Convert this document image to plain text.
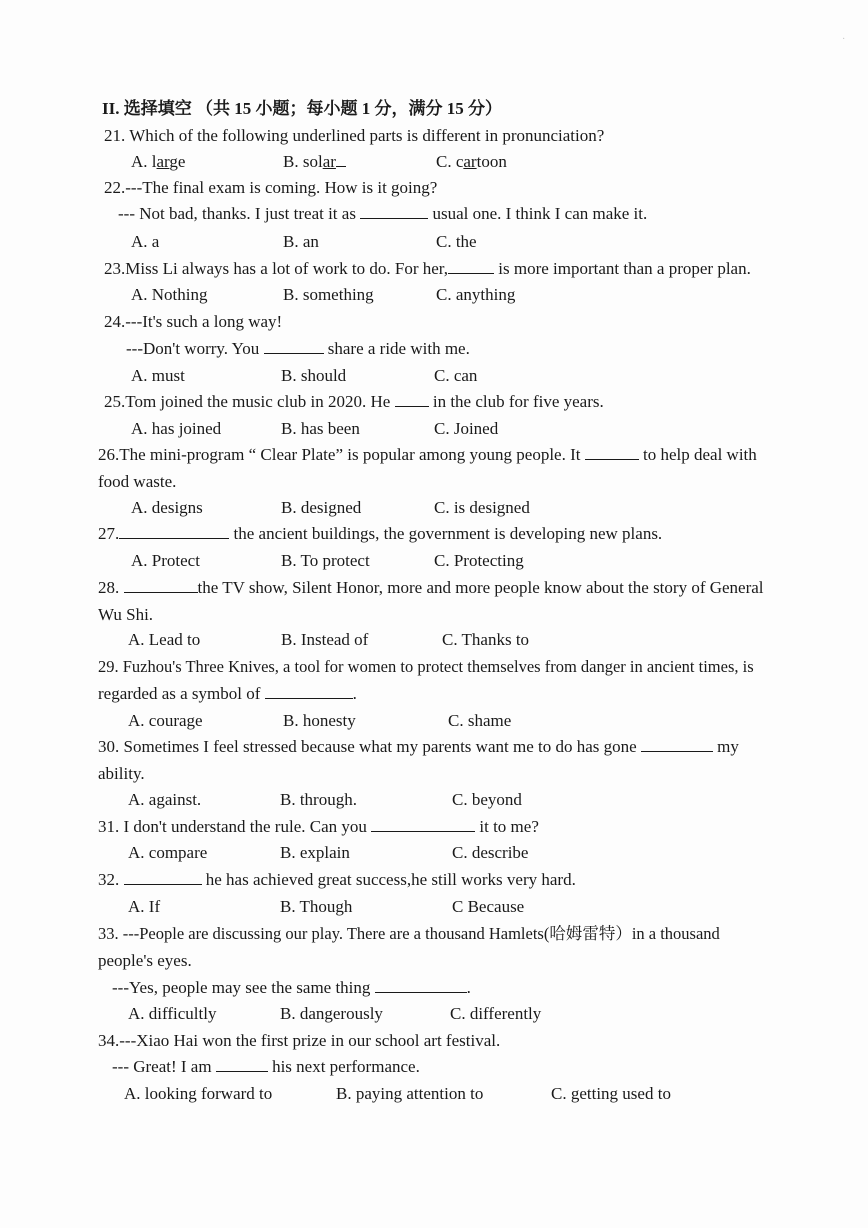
II. 选择填空 （共 15 小题；每小题 1 分，满分 15 分）
21. Which of the following underlined parts is different in pronunciation?
A. large	B. solar	C. cartoon
22.---The final exam is coming. How is it going?
--- Not bad, thanks. I just treat it as	usual one. I think I can make it.
A. a	B. an	C. the
23.Miss Li always has a lot of work to do. For her,	is more important than a proper plan.
A. Nothing	B. something	C. anything
24.---It's such a long way!
---Don't worry. You	share a ride with me.
A. must	B. should	C. can
25.Tom joined the music club in 2020. He	in the club for five years.
A. has joined	B. has been	C. Joined
26.The mini-program “ Clear Plate” is popular among young people. It	to help deal with
food waste.
A. designs	B. designed	C. is designed
27.	the ancient buildings, the government is developing new plans.
A. Protect	B. To protect	C. Protecting
28.	the TV show, Silent Honor, more and more people know about the story of General
Wu Shi.
A. Lead to	B. Instead of	C. Thanks to
29. Fuzhou's Three Knives, a tool for women to protect themselves from danger in ancient times, is
regarded as a symbol of	.
A. courage	B. honesty	C. shame
30. Sometimes I feel stressed because what my parents want me to do has gone	my
ability.
A. against.	B. through.	C. beyond
31. I don't understand the rule. Can you	it to me?
A. compare	B. explain	C. describe
32.	he has achieved great success,he still works very hard.
A. If	B. Though	C Because
33. ---People are discussing our play. There are a thousand Hamlets(哈姆雷特）in a thousand
people's eyes.
---Yes, people may see the same thing	.
A. difficultly	B. dangerously	C. differently
34.---Xiao Hai won the first prize in our school art festival.
--- Great! I am	his next performance.
A. looking forward to	B. paying attention to	C. getting used to
·
